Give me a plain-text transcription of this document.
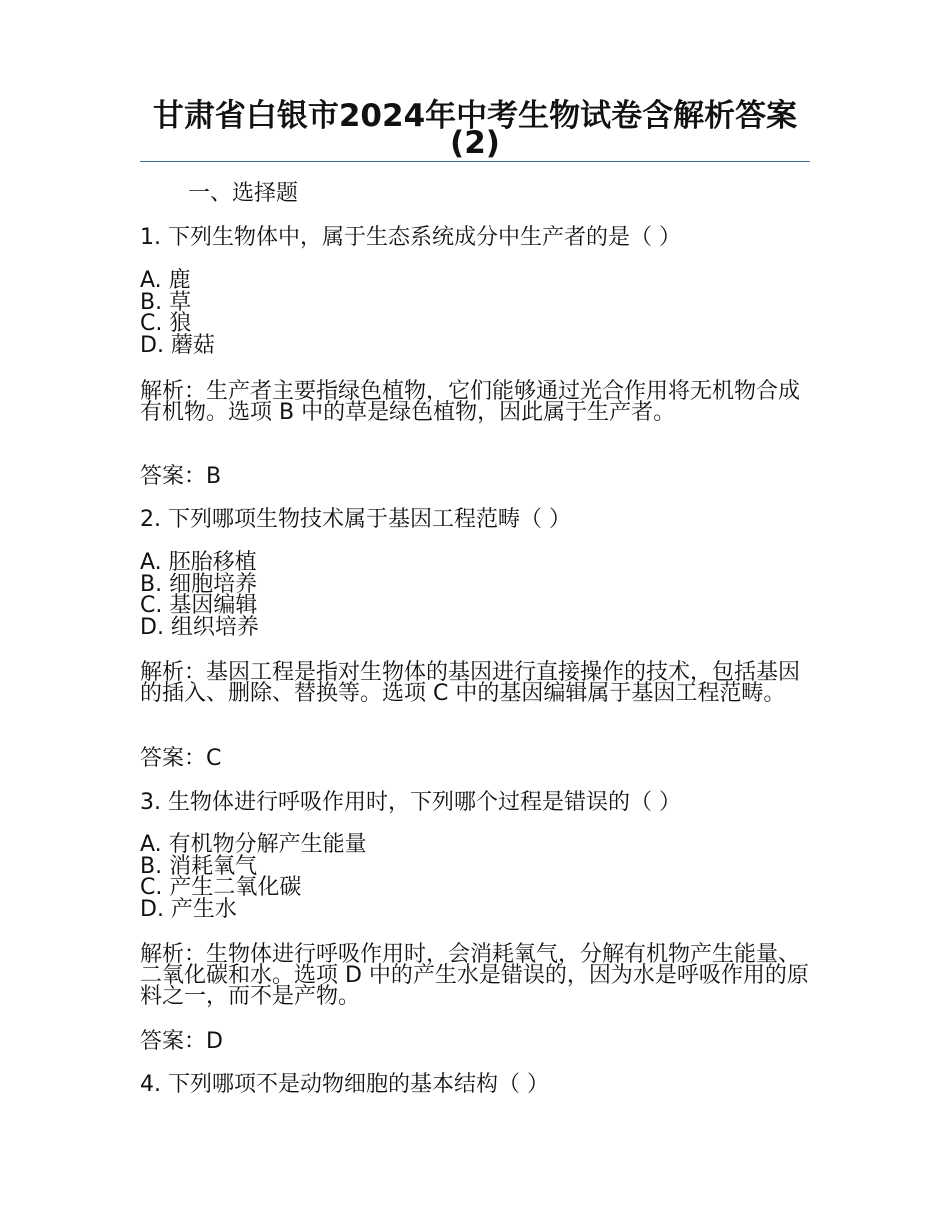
甘肃省白银市2024年中考生物试卷含解析答案(2)
一、选择题
1. 下列生物体中，属于生态系统成分中生产者的是（ ）
A. 鹿
B. 草
C. 狼
D. 蘑菇
解析：生产者主要指绿色植物，它们能够通过光合作用将无机物合成有机物。选项 B 中的草是绿色植物，因此属于生产者。
答案：B
2. 下列哪项生物技术属于基因工程范畴（ ）
A. 胚胎移植
B. 细胞培养
C. 基因编辑
D. 组织培养
解析：基因工程是指对生物体的基因进行直接操作的技术，包括基因的插入、删除、替换等。选项 C 中的基因编辑属于基因工程范畴。
答案：C
3. 生物体进行呼吸作用时，下列哪个过程是错误的（ ）
A. 有机物分解产生能量
B. 消耗氧气
C. 产生二氧化碳
D. 产生水
解析：生物体进行呼吸作用时，会消耗氧气，分解有机物产生能量、二氧化碳和水。选项 D 中的产生水是错误的，因为水是呼吸作用的原料之一，而不是产物。
答案：D
4. 下列哪项不是动物细胞的基本结构（ ）
